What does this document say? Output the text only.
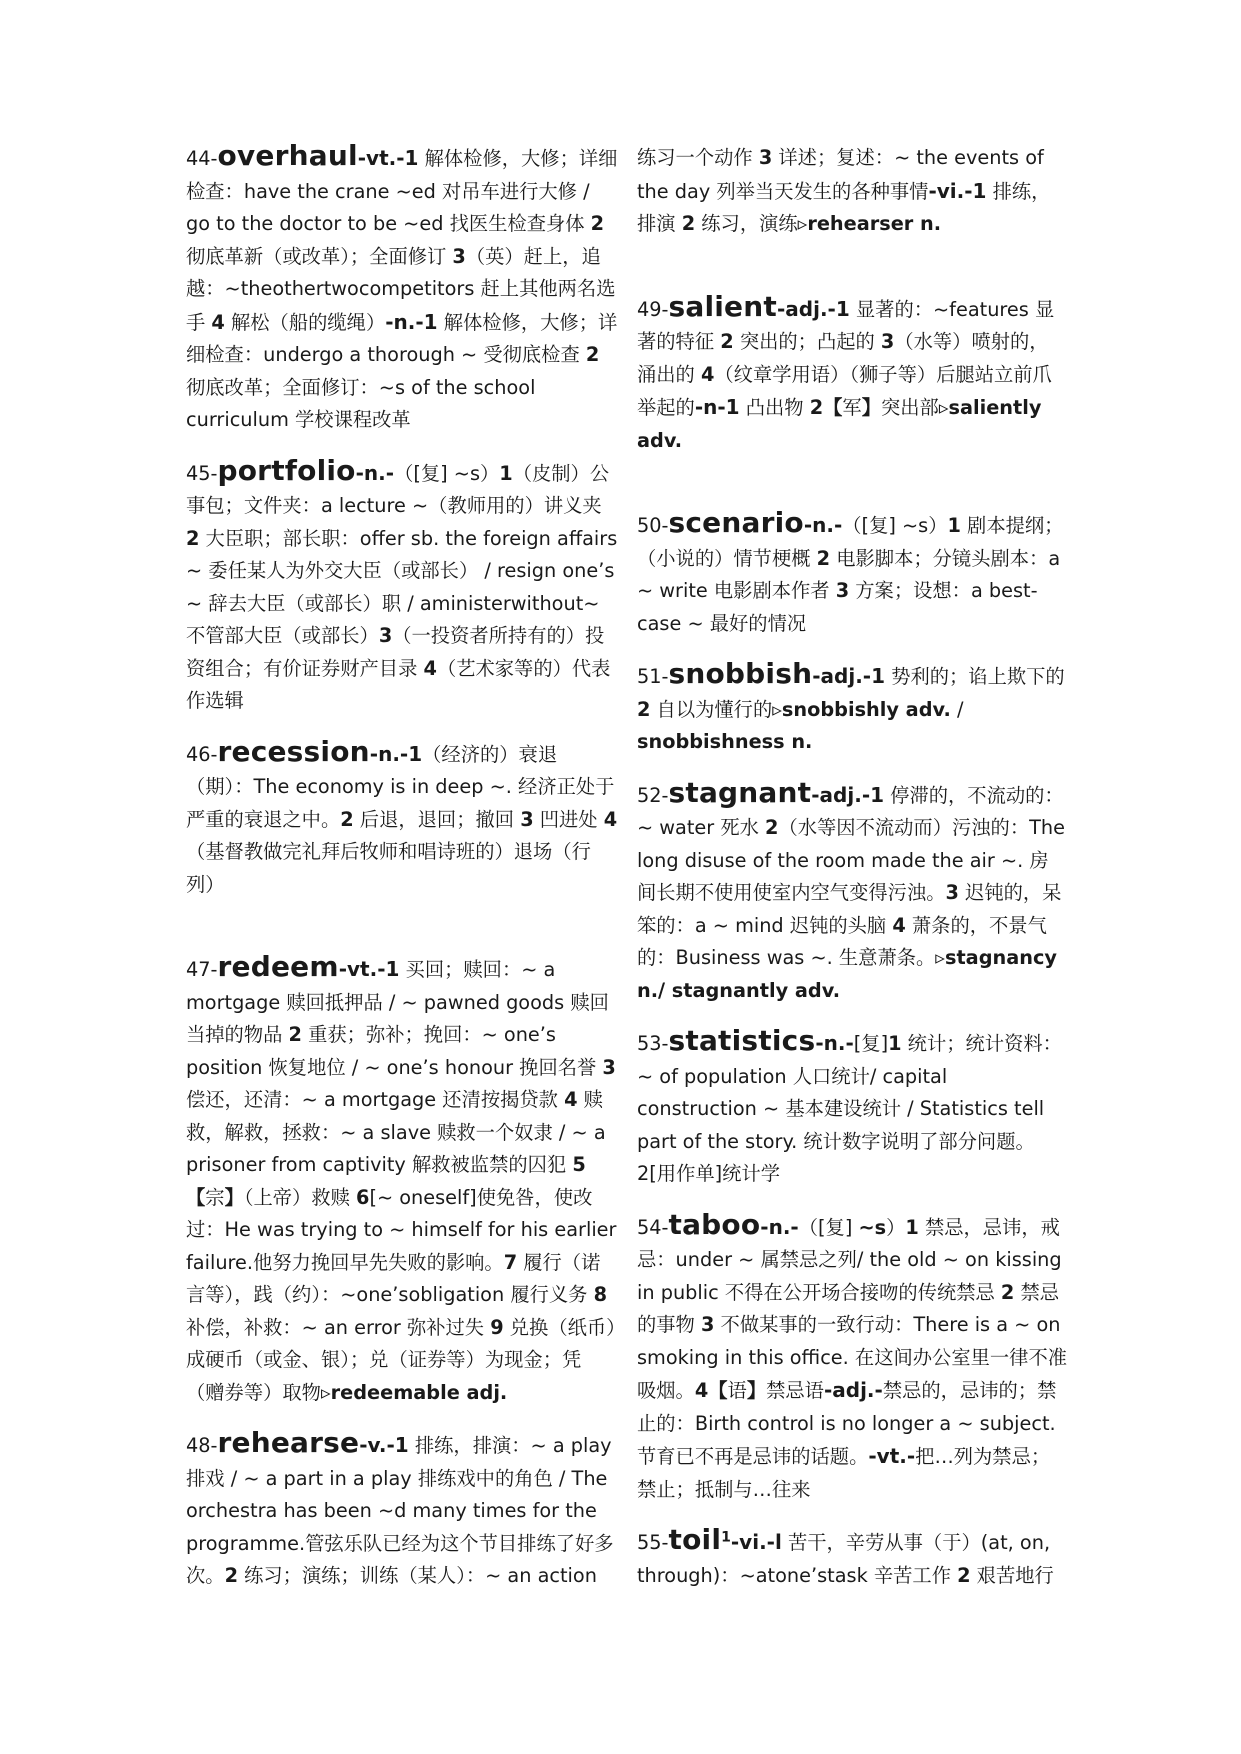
44-overhaul-vt.-1 解体检修，大修；详细检查：have the crane ~ed 对吊车进行大修 / go to the doctor to be ~ed 找医生检查身体 2 彻底革新（或改革）；全面修订 3（英）赶上，追越：~theothertwocompetitors 赶上其他两名选手 4 解松（船的缆绳）-n.-1 解体检修，大修；详细检查：undergo a thorough ~ 受彻底检查 2 彻底改革；全面修订：~s of the school curriculum 学校课程改革

45-portfolio-n.-（[复] ~s）1（皮制）公事包；文件夹：a lecture ~（教师用的）讲义夹 2 大臣职；部长职：offer sb. the foreign affairs ~ 委任某人为外交大臣（或部长） / resign one’s ~ 辞去大臣（或部长）职 / aministerwithout~ 不管部大臣（或部长）3（一投资者所持有的）投资组合；有价证券财产目录 4（艺术家等的）代表作选辑

46-recession-n.-1（经济的）衰退（期）：The economy is in deep ~. 经济正处于严重的衰退之中。2 后退，退回；撤回 3 凹进处 4（基督教做完礼拜后牧师和唱诗班的）退场（行列）

47-redeem-vt.-1 买回；赎回：~ a mortgage 赎回抵押品 / ~ pawned goods 赎回当掉的物品 2 重获；弥补；挽回：~ one’s position 恢复地位 / ~ one’s honour 挽回名誉 3 偿还，还清：~ a mortgage 还清按揭贷款 4 赎救，解救，拯救：~ a slave 赎救一个奴隶 / ~ a prisoner from captivity 解救被监禁的囚犯 5【宗】（上帝）救赎 6[~ oneself]使免咎，使改过：He was trying to ~ himself for his earlier failure.他努力挽回早先失败的影响。7 履行（诺言等），践（约）：~one’sobligation 履行义务 8 补偿，补救：~ an error 弥补过失 9 兑换（纸币）成硬币（或金、银）；兑（证券等）为现金；凭（赠券等）取物▹redeemable adj.

48-rehearse-v.-1 排练，排演：~ a play 排戏 / ~ a part in a play 排练戏中的角色 / The orchestra has been ~d many times for the programme.管弦乐队已经为这个节目排练了好多次。2 练习；演练；训练（某人）：~ an action

练习一个动作 3 详述；复述：~ the events of the day 列举当天发生的各种事情-vi.-1 排练，排演 2 练习，演练▹rehearser n.

49-salient-adj.-1 显著的：~features 显著的特征 2 突出的；凸起的 3（水等）喷射的，涌出的 4（纹章学用语）（狮子等）后腿站立前爪举起的-n-1 凸出物 2【军】突出部▹saliently adv.

50-scenario-n.-（[复] ~s）1 剧本提纲；（小说的）情节梗概 2 电影脚本；分镜头剧本：a ~ write 电影剧本作者 3 方案；设想：a best-case ~ 最好的情况

51-snobbish-adj.-1 势利的；谄上欺下的 2 自以为懂行的▹snobbishly adv. / snobbishness n.

52-stagnant-adj.-1 停滞的，不流动的：~ water 死水 2（水等因不流动而）污浊的：The long disuse of the room made the air ~. 房间长期不使用使室内空气变得污浊。3 迟钝的，呆笨的：a ~ mind 迟钝的头脑 4 萧条的，不景气的：Business was ~. 生意萧条。▹stagnancy n./ stagnantly adv.

53-statistics-n.-[复]1 统计；统计资料：~ of population 人口统计/ capital construction ~ 基本建设统计 / Statistics tell part of the story. 统计数字说明了部分问题。2[用作单]统计学

54-taboo-n.-（[复] ~s）1 禁忌，忌讳，戒忌：under ~ 属禁忌之列/ the old ~ on kissing in public 不得在公开场合接吻的传统禁忌 2 禁忌的事物 3 不做某事的一致行动：There is a ~ on smoking in this office. 在这间办公室里一律不准吸烟。4【语】禁忌语-adj.-禁忌的，忌讳的；禁止的：Birth control is no longer a ~ subject.节育已不再是忌讳的话题。-vt.-把…列为禁忌；禁止；抵制与…往来

55-toil$^1$-vi.-l 苦干，辛劳从事（于）(at, on, through)：~atone’stask 辛苦工作 2 艰苦地行
